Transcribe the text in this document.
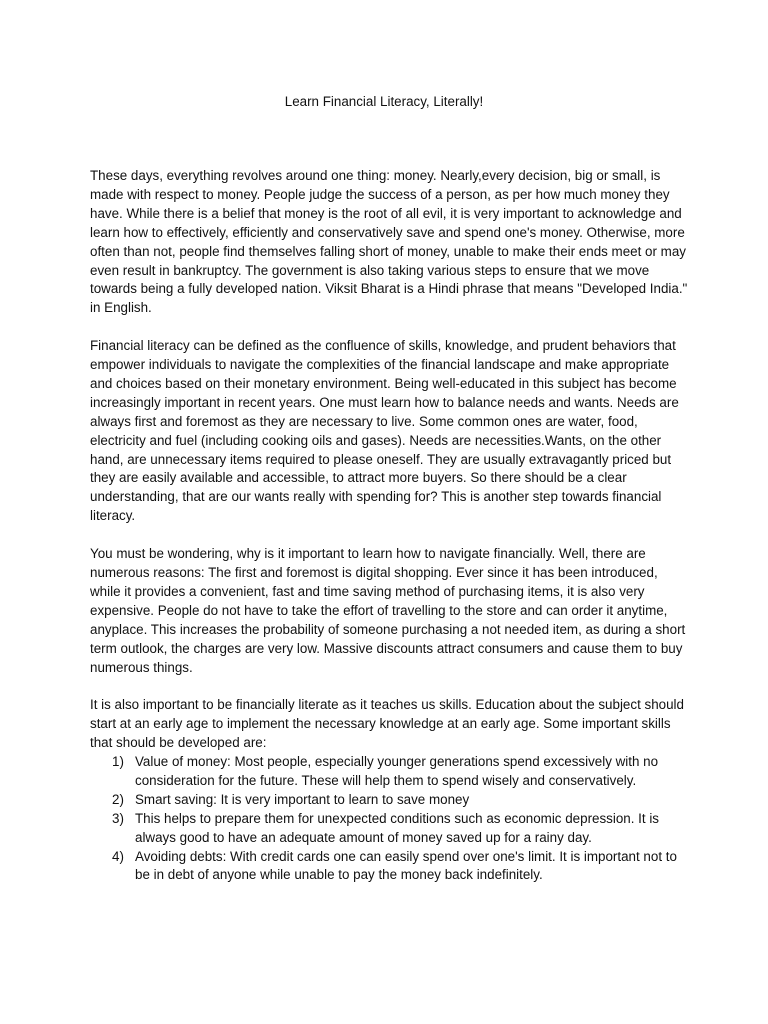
Learn Financial Literacy, Literally!

These days, everything revolves around one thing: money. Nearly,every decision, big or small, is made with respect to money. People judge the success of a person, as per how much money they have. While there is a belief that money is the root of all evil, it is very important to acknowledge and learn how to effectively, efficiently and conservatively save and spend one's money. Otherwise, more often than not, people find themselves falling short of money, unable to make their ends meet or may even result in bankruptcy. The government is also taking various steps to ensure that we move towards being a fully developed nation. Viksit Bharat is a Hindi phrase that means "Developed India." in English.

Financial literacy can be defined as the confluence of skills, knowledge, and prudent behaviors that empower individuals to navigate the complexities of the financial landscape and make appropriate and choices based on their monetary environment. Being well-educated in this subject has become increasingly important in recent years. One must learn how to balance needs and wants. Needs are always first and foremost as they are necessary to live. Some common ones are water, food, electricity and fuel (including cooking oils and gases). Needs are necessities.Wants, on the other hand, are unnecessary items required to please oneself. They are usually extravagantly priced but they are easily available and accessible, to attract more buyers. So there should be a clear understanding, that are our wants really with spending for? This is another step towards financial literacy.

You must be wondering, why is it important to learn how to navigate financially. Well, there are numerous reasons: The first and foremost is digital shopping. Ever since it has been introduced, while it provides a convenient, fast and time saving method of purchasing items, it is also very expensive. People do not have to take the effort of travelling to the store and can order it anytime, anyplace. This increases the probability of someone purchasing a not needed item, as during a short term outlook, the charges are very low. Massive discounts attract consumers and cause them to buy numerous things.

It is also important to be financially literate as it teaches us skills. Education about the subject should start at an early age to implement the necessary knowledge at an early age. Some important skills that should be developed are:

1) Value of money: Most people, especially younger generations spend excessively with no consideration for the future. These will help them to spend wisely and conservatively.
2) Smart saving: It is very important to learn to save money
3) This helps to prepare them for unexpected conditions such as economic depression. It is always good to have an adequate amount of money saved up for a rainy day.
4) Avoiding debts: With credit cards one can easily spend over one's limit. It is important not to be in debt of anyone while unable to pay the money back indefinitely.
